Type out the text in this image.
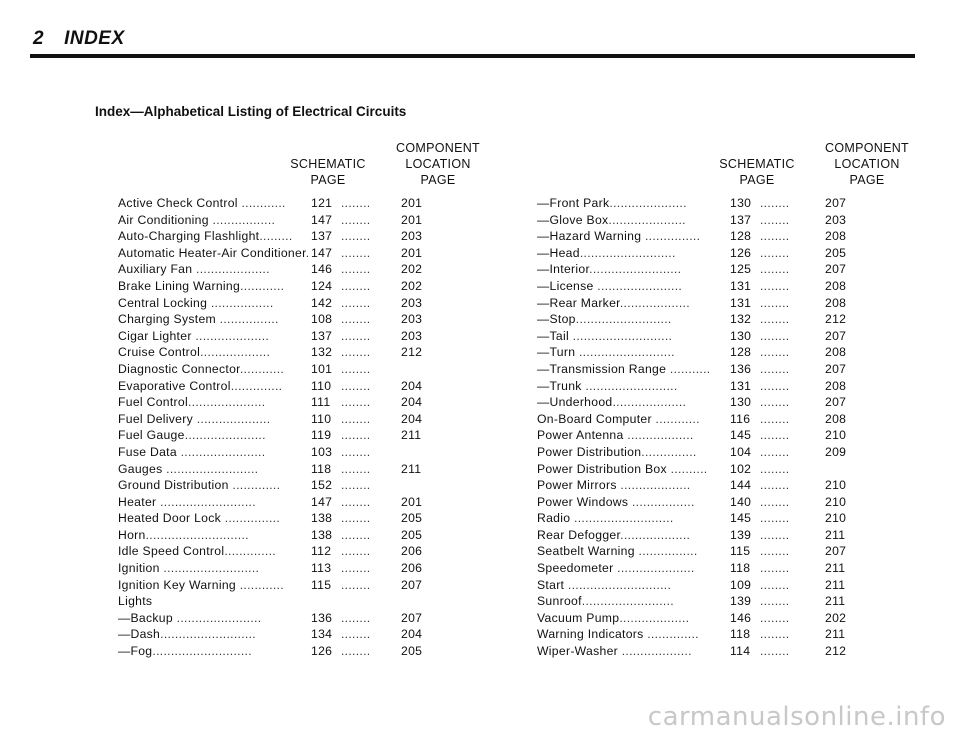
2 INDEX
Index—Alphabetical Listing of Electrical Circuits
SCHEMATIC
PAGE
COMPONENT
LOCATION
PAGE
Active Check Control ............ 121 ........	201
Air Conditioning .................	147 ........	201
Auto-Charging Flashlight......... 137 ........	203
Automatic Heater-Air Conditioner. 147 ........	201
Auxiliary Fan ....................	146 ........	202
Brake Lining Warning............ 124 ........	202
Central Locking .................	142 ........	203
Charging System ................	108 ........	203
Cigar Lighter ....................	137 ........	203
Cruise Control...................	132 ........	212
Diagnostic Connector............ 101 ........
Evaporative Control.............. 110 ........	204
Fuel Control.....................	111 ........	204
Fuel Delivery ....................	110 ........	204
Fuel Gauge......................	119 ........	211
Fuse Data .......................	103 ........
Gauges .........................	118 ........	211
Ground Distribution .............	152 ........
Heater ..........................	147 ........	201
Heated Door Lock ...............	138 ........	205
Horn............................	138 ........	205
Idle Speed Control..............	112 ........	206
Ignition ..........................	113 ........	206
Ignition Key Warning ............ 115 ........	207
Lights
—Backup .......................	136 ........	207
—Dash..........................	134 ........	204
—Fog...........................	126 ........	205
SCHEMATIC
PAGE
COMPONENT
LOCATION
PAGE
—Front Park.....................	130 ........	207
—Glove Box.....................	137 ........	203
—Hazard Warning ............... 128 ........	208
—Head..........................	126 ........	205
—Interior.........................	125 ........	207
—License .......................	131 ........	208
—Rear Marker...................	131 ........	208
—Stop..........................	132 ........	212
—Tail ...........................	130 ........	207
—Turn ..........................	128 ........	208
—Transmission Range ........... 136 ........	207
—Trunk .........................	131 ........	208
—Underhood....................	130 ........	207
On-Board Computer ............ 116 ........	208
Power Antenna ..................	145 ........	210
Power Distribution...............	104 ........	209
Power Distribution Box .......... 102 ........
Power Mirrors ...................	144 ........	210
Power Windows .................	140 ........	210
Radio ...........................	145 ........	210
Rear Defogger...................	139 ........	211
Seatbelt Warning ................	115 ........	207
Speedometer .....................	118 ........	211
Start ............................	109 ........	211
Sunroof.........................	139 ........	211
Vacuum Pump...................	146 ........	202
Warning Indicators ..............	118 ........	211
Wiper-Washer ...................	114 ........	212
carmanualsonline.info
